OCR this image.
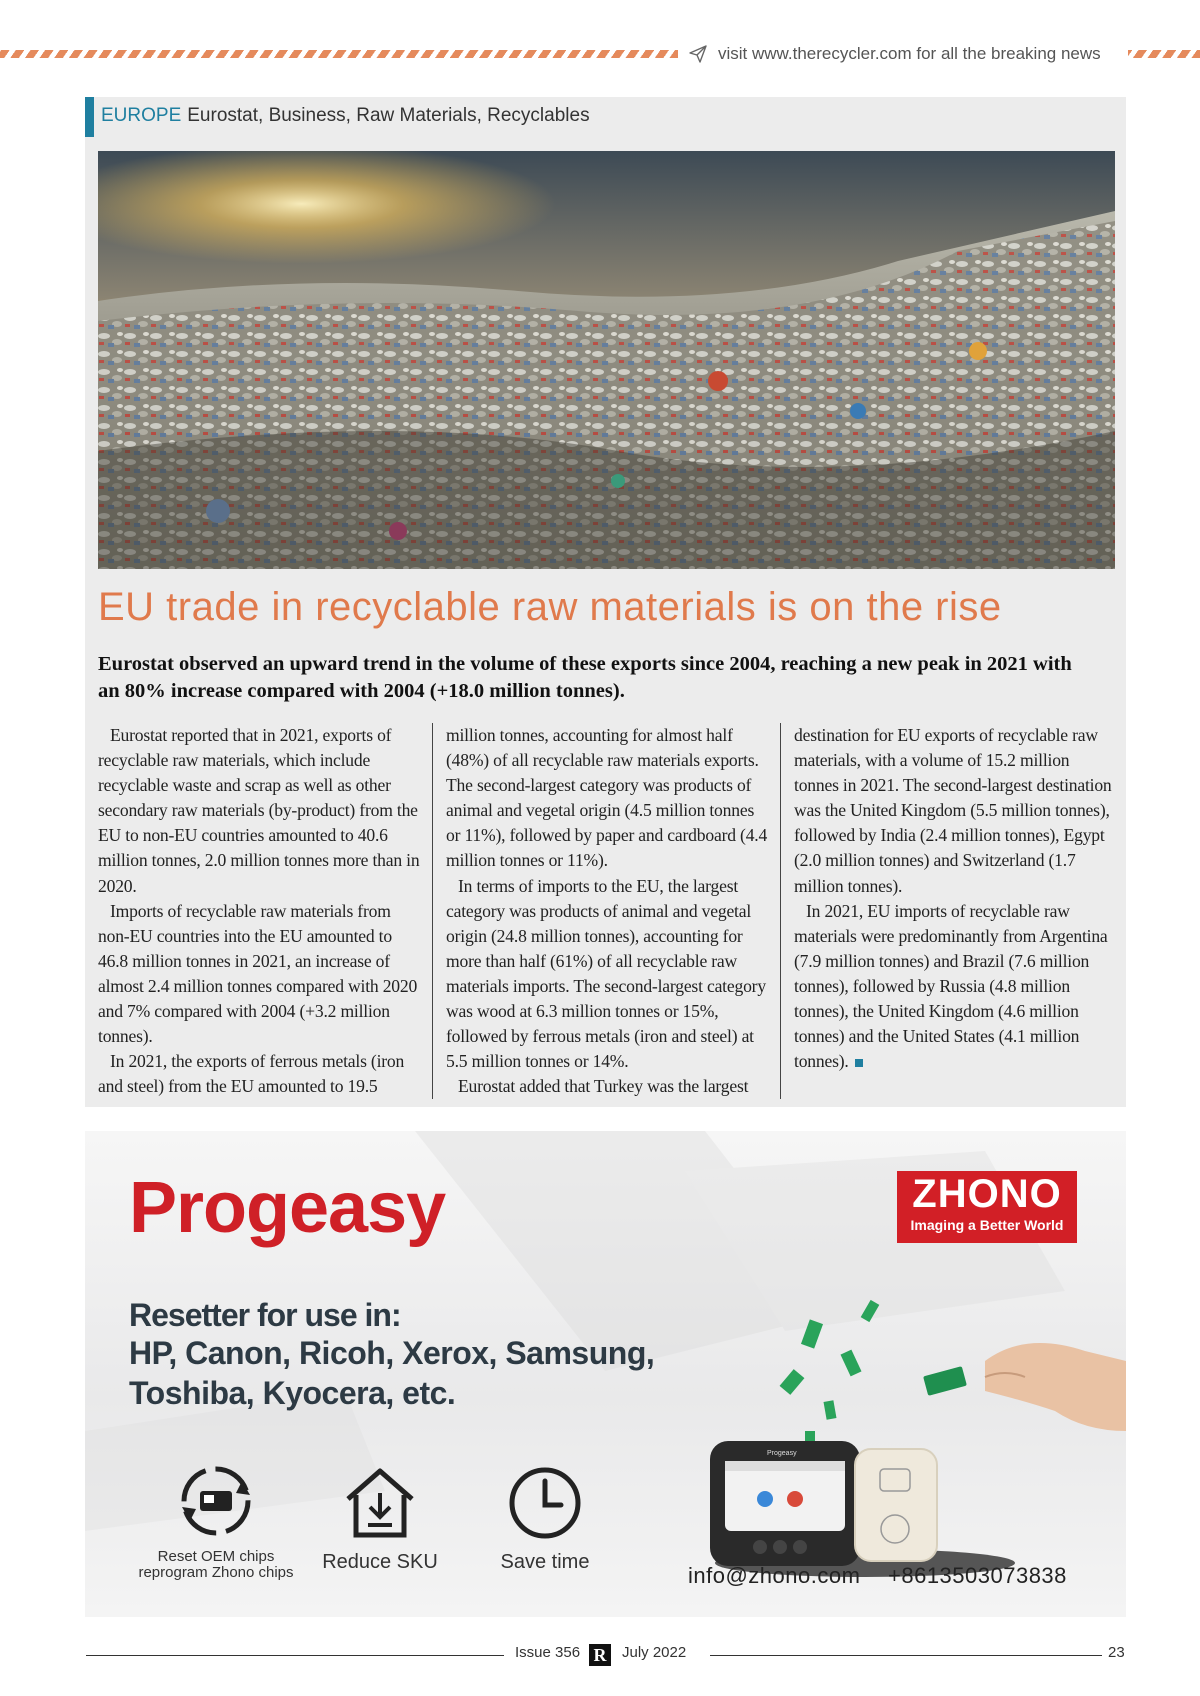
visit www.therecycler.com for all the breaking news
EUROPE Eurostat, Business, Raw Materials, Recyclables
EU trade in recyclable raw materials is on the rise
Eurostat observed an upward trend in the volume of these exports since 2004, reaching a new peak in 2021 with an 80% increase compared with 2004 (+18.0 million tonnes).

Eurostat reported that in 2021, exports of recyclable raw materials, which include recyclable waste and scrap as well as other secondary raw materials (by-product) from the EU to non-EU countries amounted to 40.6 million tonnes, 2.0 million tonnes more than in 2020.

Imports of recyclable raw materials from non-EU countries into the EU amounted to 46.8 million tonnes in 2021, an increase of almost 2.4 million tonnes compared with 2020 and 7% compared with 2004 (+3.2 million tonnes).

In 2021, the exports of ferrous metals (iron and steel) from the EU amounted to 19.5

million tonnes, accounting for almost half (48%) of all recyclable raw materials exports. The second-largest category was products of animal and vegetal origin (4.5 million tonnes or 11%), followed by paper and cardboard (4.4 million tonnes or 11%).

In terms of imports to the EU, the largest category was products of animal and vegetal origin (24.8 million tonnes), accounting for more than half (61%) of all recyclable raw materials imports. The second-largest category was wood at 6.3 million tonnes or 15%, followed by ferrous metals (iron and steel) at 5.5 million tonnes or 14%.

Eurostat added that Turkey was the largest

destination for EU exports of recyclable raw materials, with a volume of 15.2 million tonnes in 2021. The second-largest destination was the United Kingdom (5.5 million tonnes), followed by India (2.4 million tonnes), Egypt (2.0 million tonnes) and Switzerland (1.7 million tonnes).

In 2021, EU imports of recyclable raw materials were predominantly from Argentina (7.9 million tonnes) and Brazil (7.6 million tonnes), followed by Russia (4.8 million tonnes), the United Kingdom (4.6 million tonnes) and the United States (4.1 million tonnes).

Progeasy	ZHONO
Imaging a Better World
Resetter for use in:
HP, Canon, Ricoh, Xerox, Samsung,
Toshiba, Kyocera, etc.
Reset OEM chips
reprogram Zhono chips	Reduce SKU	Save time
Progeasy
info@zhono.com +8613503073838
Issue 356 R	July 2022	23
